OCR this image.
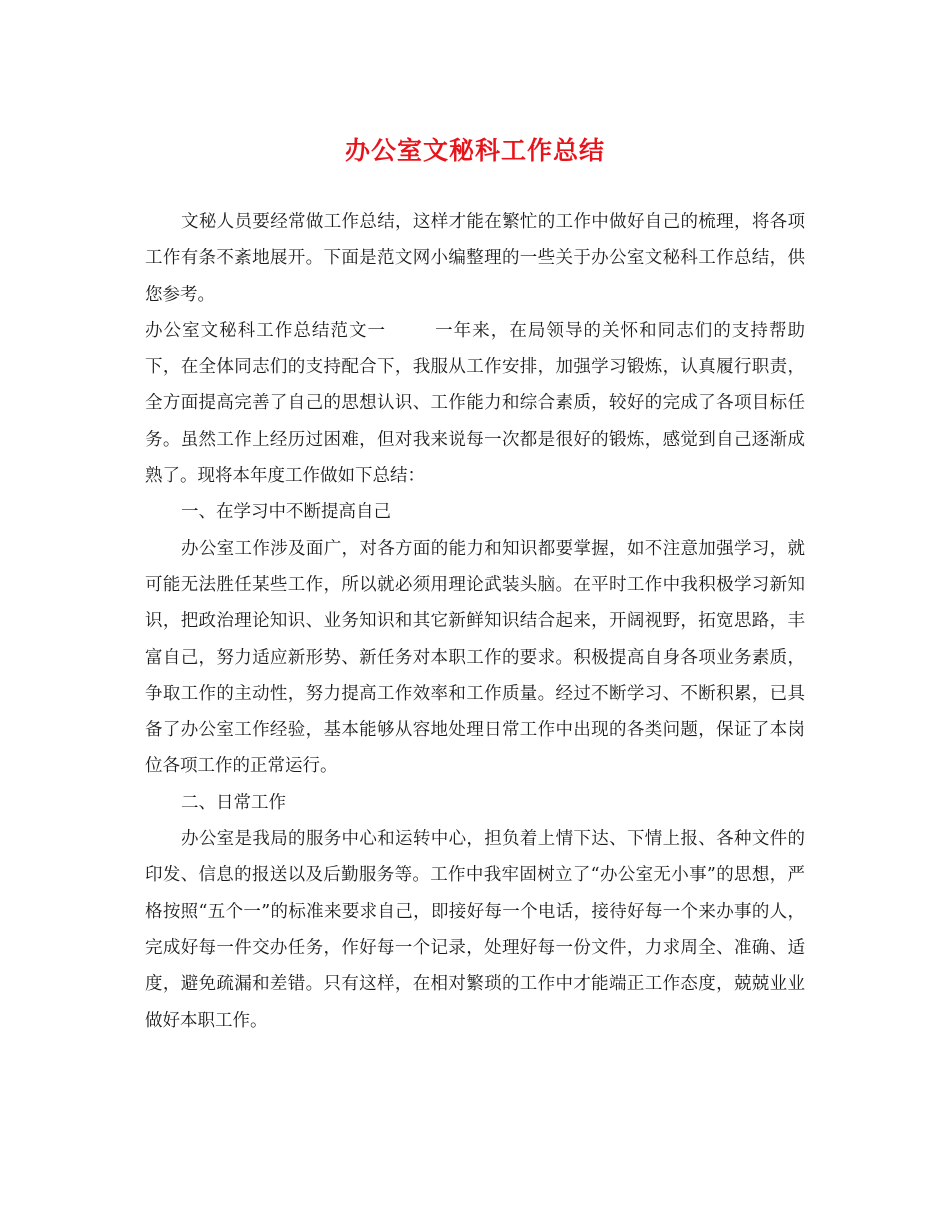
办公室文秘科工作总结

文秘人员要经常做工作总结，这样才能在繁忙的工作中做好自己的梳理，将各项工作有条不紊地展开。下面是范文网小编整理的一些关于办公室文秘科工作总结，供您参考。

办公室文秘科工作总结范文一	一年来，在局领导的关怀和同志们的支持帮助下，在全体同志们的支持配合下，我服从工作安排，加强学习锻炼，认真履行职责，全方面提高完善了自己的思想认识、工作能力和综合素质，较好的完成了各项目标任务。虽然工作上经历过困难，但对我来说每一次都是很好的锻炼，感觉到自己逐渐成熟了。现将本年度工作做如下总结：

一、在学习中不断提高自己

办公室工作涉及面广，对各方面的能力和知识都要掌握，如不注意加强学习，就可能无法胜任某些工作，所以就必须用理论武装头脑。在平时工作中我积极学习新知识，把政治理论知识、业务知识和其它新鲜知识结合起来，开阔视野，拓宽思路，丰富自己，努力适应新形势、新任务对本职工作的要求。积极提高自身各项业务素质，争取工作的主动性，努力提高工作效率和工作质量。经过不断学习、不断积累，已具备了办公室工作经验，基本能够从容地处理日常工作中出现的各类问题，保证了本岗位各项工作的正常运行。

二、日常工作

办公室是我局的服务中心和运转中心，担负着上情下达、下情上报、各种文件的印发、信息的报送以及后勤服务等。工作中我牢固树立了“办公室无小事”的思想，严格按照“五个一”的标准来要求自己，即接好每一个电话，接待好每一个来办事的人，完成好每一件交办任务，作好每一个记录，处理好每一份文件，力求周全、准确、适度，避免疏漏和差错。只有这样，在相对繁琐的工作中才能端正工作态度，兢兢业业做好本职工作。
